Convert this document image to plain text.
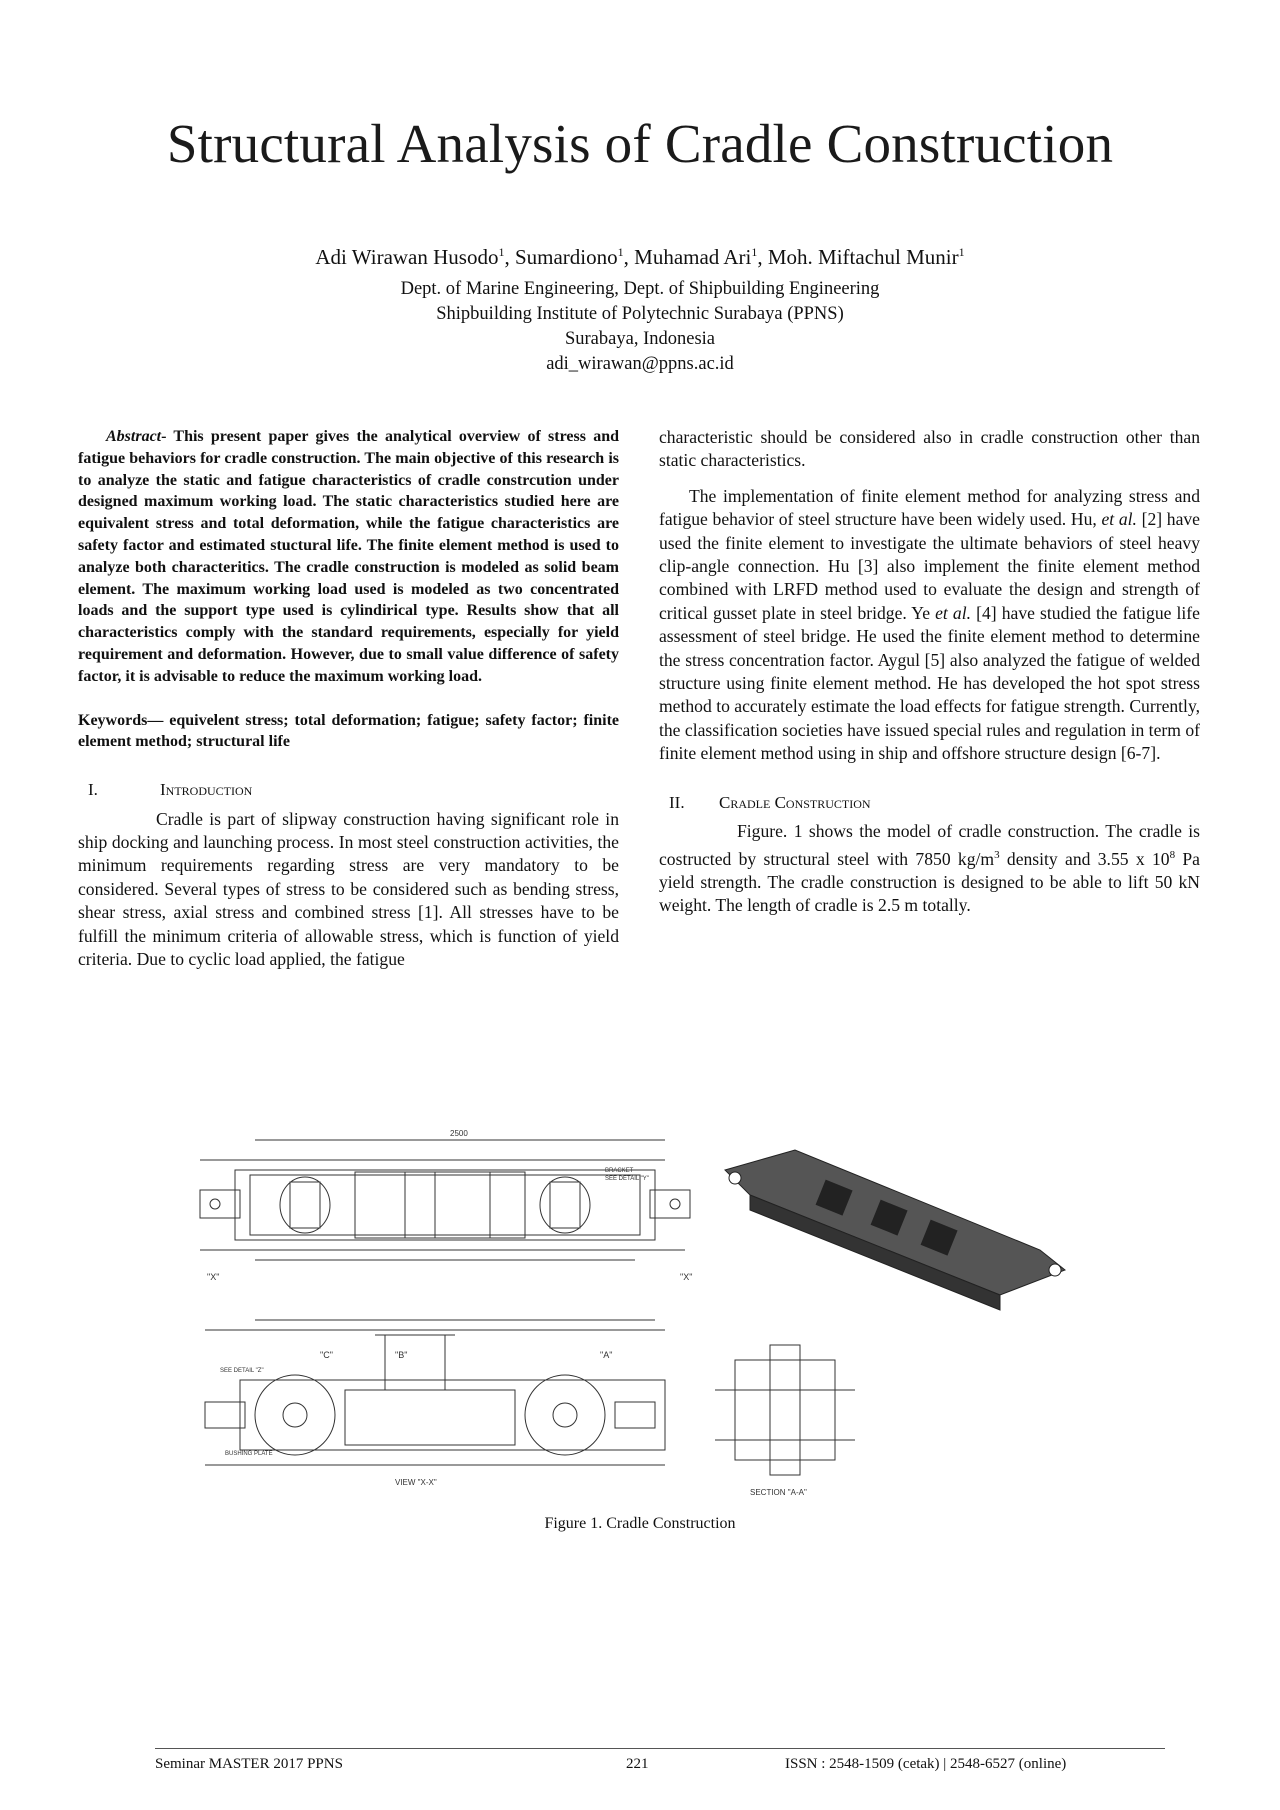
Structural Analysis of Cradle Construction
Adi Wirawan Husodo$^1$, Sumardiono$^1$, Muhamad Ari$^1$, Moh. Miftachul Munir$^1$
Dept. of Marine Engineering, Dept. of Shipbuilding Engineering
Shipbuilding Institute of Polytechnic Surabaya (PPNS)
Surabaya, Indonesia
adi_wirawan@ppns.ac.id

Abstract- This present paper gives the analytical overview of stress and fatigue behaviors for cradle construction. The main objective of this research is to analyze the static and fatigue characteristics of cradle constrcution under designed maximum working load. The static characteristics studied here are equivalent stress and total deformation, while the fatigue characteristics are safety factor and estimated stuctural life. The finite element method is used to analyze both characteritics. The cradle construction is modeled as solid beam element. The maximum working load used is modeled as two concentrated loads and the support type used is cylindirical type. Results show that all characteristics comply with the standard requirements, especially for yield requirement and deformation. However, due to small value difference of safety factor, it is advisable to reduce the maximum working load.

Keywords— equivelent stress; total deformation; fatigue; safety factor; finite element method; structural life

I.	Introduction

Cradle is part of slipway construction having significant role in ship docking and launching process. In most steel construction activities, the minimum requirements regarding stress are very mandatory to be considered. Several types of stress to be considered such as bending stress, shear stress, axial stress and combined stress [1]. All stresses have to be fulfill the minimum criteria of allowable stress, which is function of yield criteria. Due to cyclic load applied, the fatigue

characteristic should be considered also in cradle construction other than static characteristics.

The implementation of finite element method for analyzing stress and fatigue behavior of steel structure have been widely used. Hu, et al. [2] have used the finite element to investigate the ultimate behaviors of steel heavy clip-angle connection. Hu [3] also implement the finite element method combined with LRFD method used to evaluate the design and strength of critical gusset plate in steel bridge. Ye et al. [4] have studied the fatigue life assessment of steel bridge. He used the finite element method to determine the stress concentration factor. Aygul [5] also analyzed the fatigue of welded structure using finite element method. He has developed the hot spot stress method to accurately estimate the load effects for fatigue strength. Currently, the classification societies have issued special rules and regulation in term of finite element method using in ship and offshore structure design [6-7].

II. Cradle Construction

Figure. 1 shows the model of cradle construction. The cradle is costructed by structural steel with 7850 $kg/m^3$ density and 3.55 x $10^8$ Pa yield strength. The cradle construction is designed to be able to lift 50 kN weight. The length of cradle is 2.5 m totally.

2500
"X"	"X"
BRACKET
SEE DETAIL "Y"
"C"	"B"	"A"
SEE DETAIL "Z"
BUSHING PLATE
VIEW "X-X"
SECTION "A-A"
Figure 1. Cradle Construction
Seminar MASTER 2017 PPNS	221	ISSN : 2548-1509 (cetak) | 2548-6527 (online)
